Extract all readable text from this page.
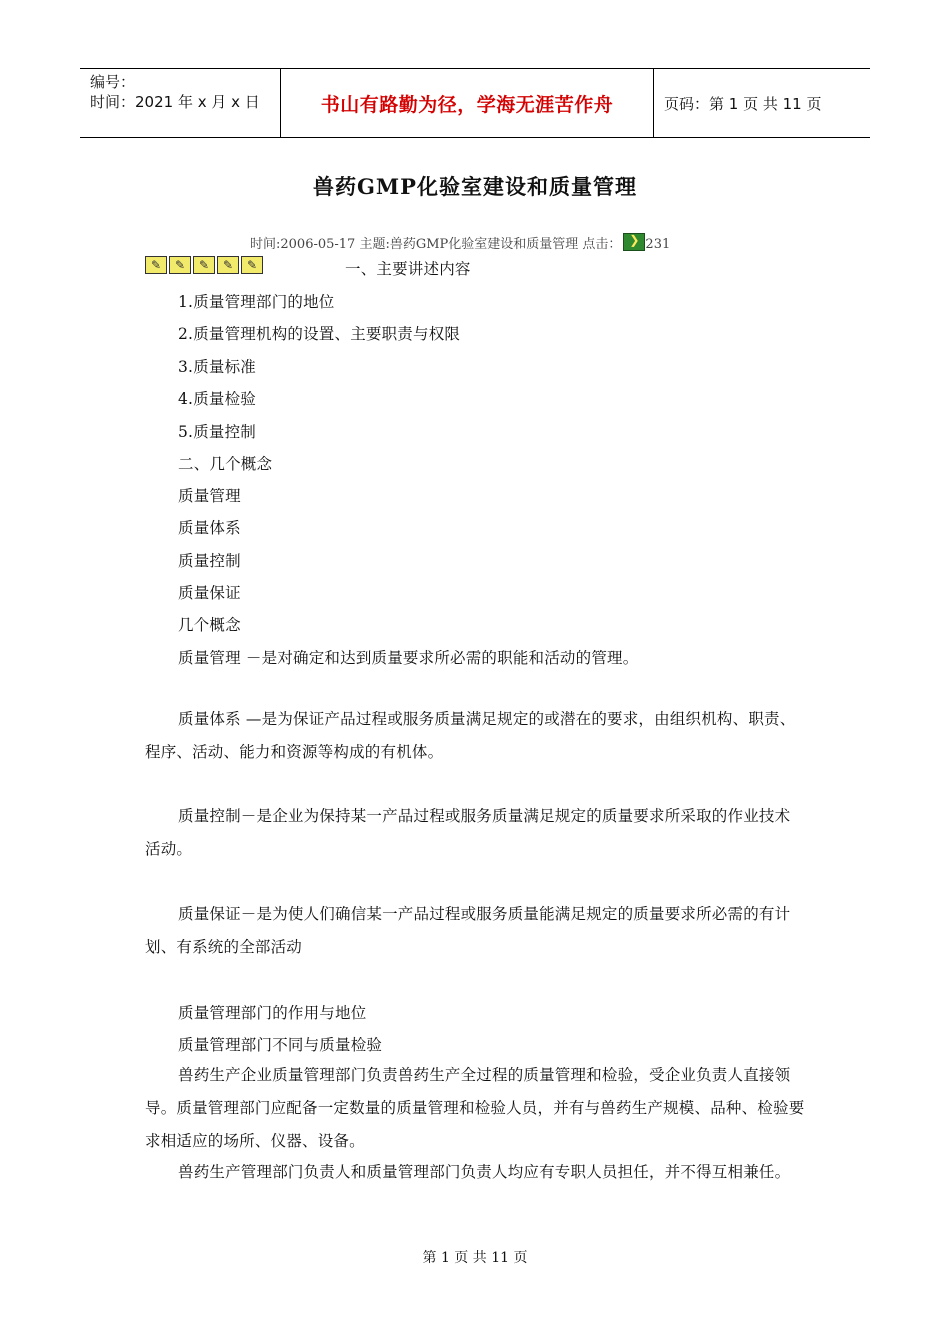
编号：
时间：2021 年 x 月 x 日	书山有路勤为径，学海无涯苦作舟	页码：第 1 页 共 11 页
兽药GMP化验室建设和质量管理
时间:2006-05-17 主题:兽药GMP化验室建设和质量管理 点击：❯ 231
✎	✎	✎	✎	✎	一、主要讲述内容
1.质量管理部门的地位
2.质量管理机构的设置、主要职责与权限
3.质量标准
4.质量检验
5.质量控制
二、几个概念
质量管理
质量体系
质量控制
质量保证
几个概念
质量管理 －是对确定和达到质量要求所必需的职能和活动的管理。
质量体系 —是为保证产品过程或服务质量满足规定的或潜在的要求，由组织机构、职责、程序、活动、能力和资源等构成的有机体。
质量控制－是企业为保持某一产品过程或服务质量满足规定的质量要求所采取的作业技术活动。
质量保证－是为使人们确信某一产品过程或服务质量能满足规定的质量要求所必需的有计划、有系统的全部活动
质量管理部门的作用与地位
质量管理部门不同与质量检验
兽药生产企业质量管理部门负责兽药生产全过程的质量管理和检验，受企业负责人直接领导。质量管理部门应配备一定数量的质量管理和检验人员，并有与兽药生产规模、品种、检验要求相适应的场所、仪器、设备。
兽药生产管理部门负责人和质量管理部门负责人均应有专职人员担任，并不得互相兼任。
第 1 页 共 11 页
